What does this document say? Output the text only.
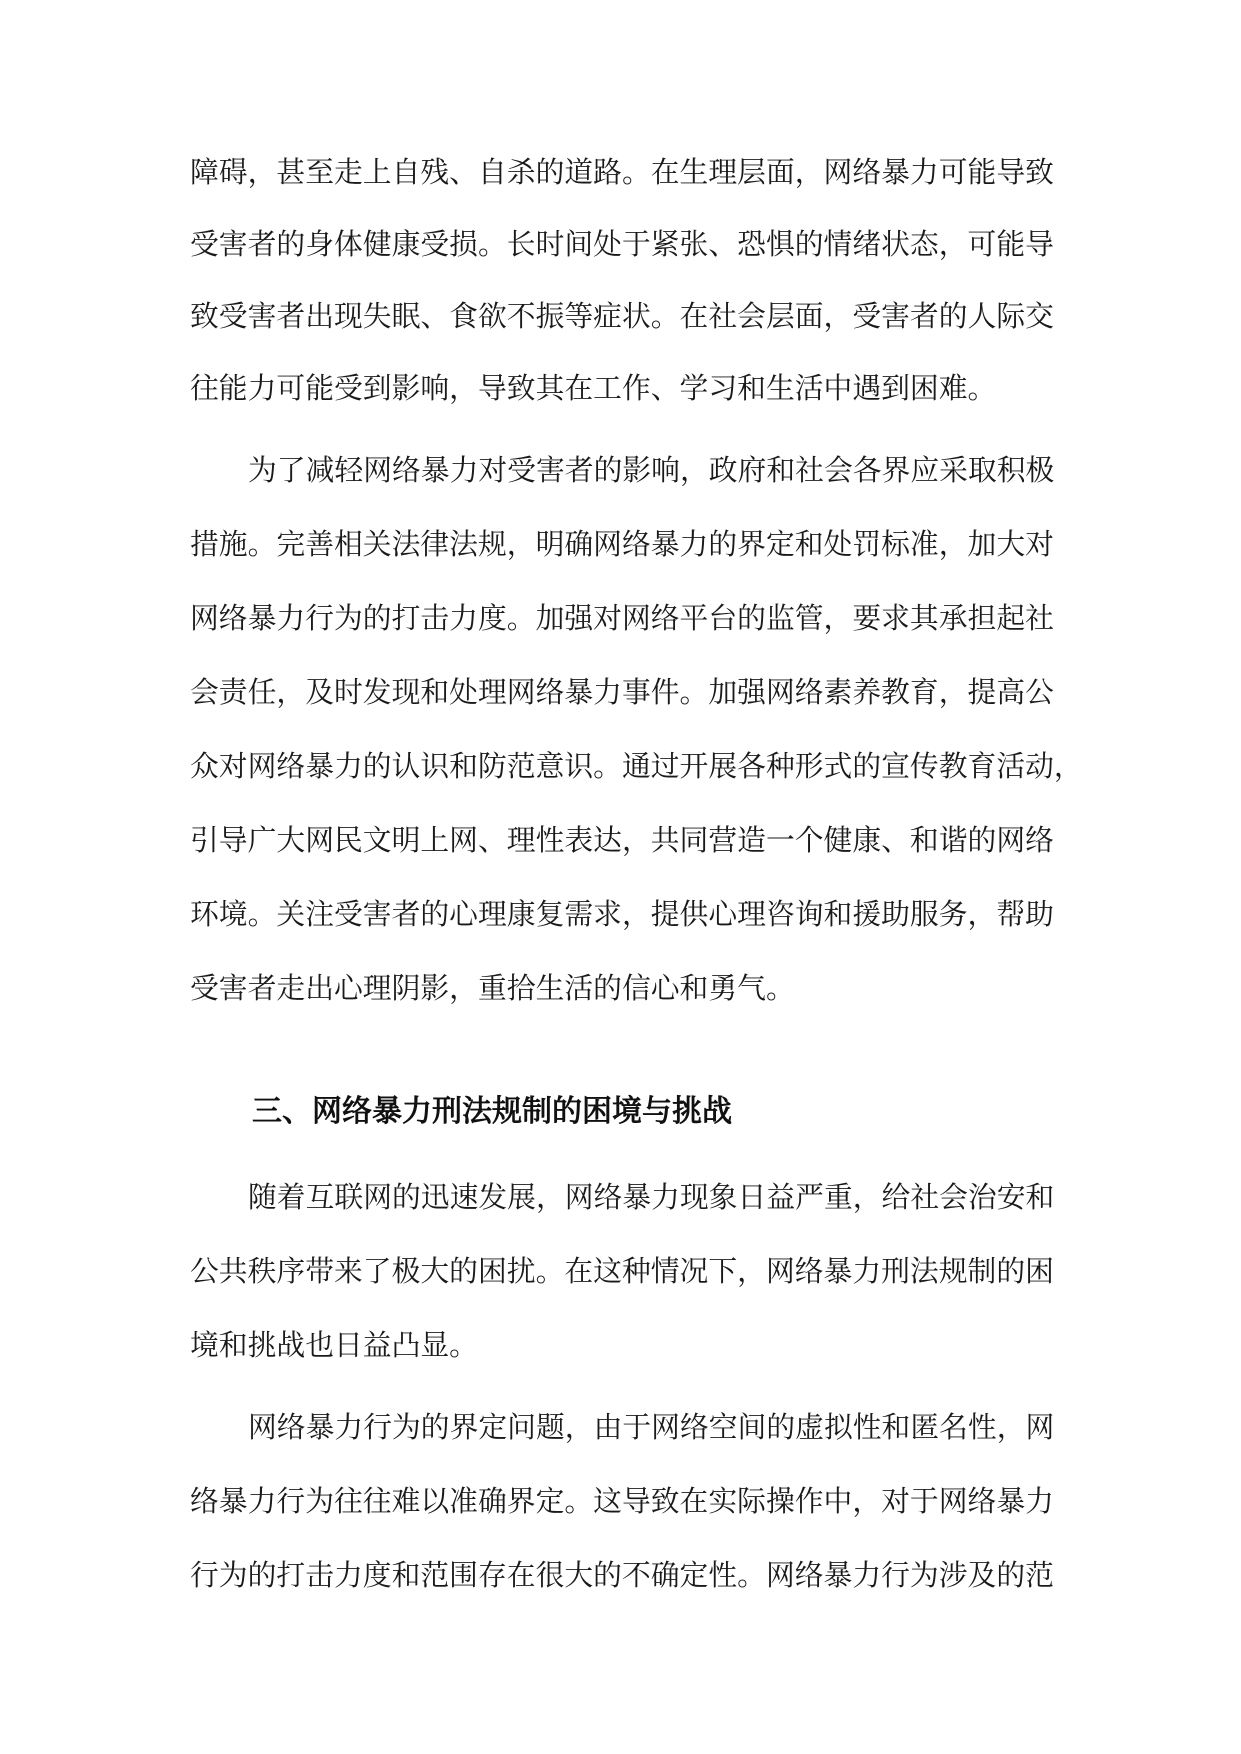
障碍，甚至走上自残、自杀的道路。在生理层面，网络暴力可能导致
受害者的身体健康受损。长时间处于紧张、恐惧的情绪状态，可能导
致受害者出现失眠、食欲不振等症状。在社会层面，受害者的人际交
往能力可能受到影响，导致其在工作、学习和生活中遇到困难。
为了减轻网络暴力对受害者的影响，政府和社会各界应采取积极
措施。完善相关法律法规，明确网络暴力的界定和处罚标准，加大对
网络暴力行为的打击力度。加强对网络平台的监管，要求其承担起社
会责任，及时发现和处理网络暴力事件。加强网络素养教育，提高公
众对网络暴力的认识和防范意识。通过开展各种形式的宣传教育活动，
引导广大网民文明上网、理性表达，共同营造一个健康、和谐的网络
环境。关注受害者的心理康复需求，提供心理咨询和援助服务，帮助
受害者走出心理阴影，重拾生活的信心和勇气。
三、网络暴力刑法规制的困境与挑战
随着互联网的迅速发展，网络暴力现象日益严重，给社会治安和
公共秩序带来了极大的困扰。在这种情况下，网络暴力刑法规制的困
境和挑战也日益凸显。
网络暴力行为的界定问题，由于网络空间的虚拟性和匿名性，网
络暴力行为往往难以准确界定。这导致在实际操作中，对于网络暴力
行为的打击力度和范围存在很大的不确定性。网络暴力行为涉及的范
